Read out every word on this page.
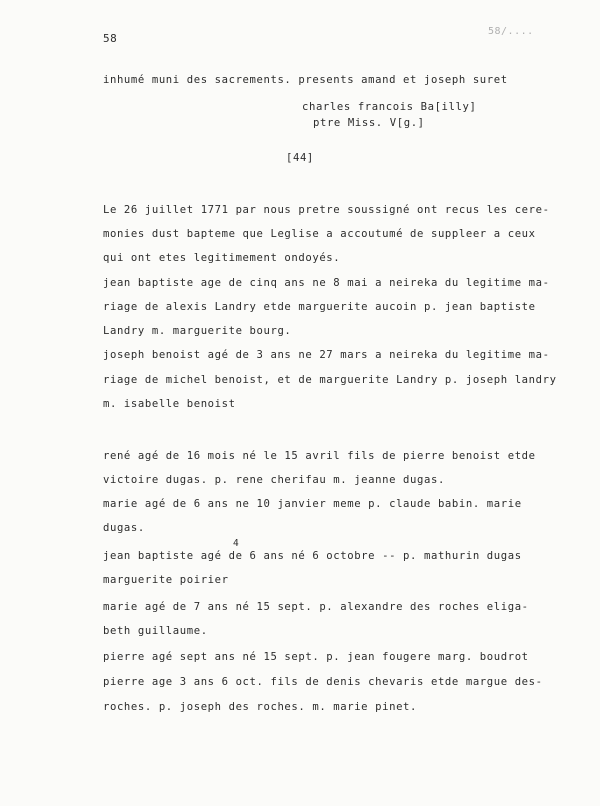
58
58/⁠....
inhumé muni des sacrements. presents amand et joseph suret
charles francois Ba[illy]
ptre Miss. V[g.]
[44]
Le 26 juillet 1771 par nous pretre soussigné ont recus les cere-
monies dust bapteme que Leglise a accoutumé de suppleer a ceux
qui ont etes legitimement ondoyés.
jean baptiste age de cinq ans ne 8 mai a neireka du legitime ma-
riage de alexis Landry etde marguerite aucoin p. jean baptiste
Landry m. marguerite bourg.
joseph benoist agé de 3 ans ne 27 mars a neireka du legitime ma-
riage de michel benoist, et de marguerite Landry p. joseph landry
m. isabelle benoist
rené agé de 16 mois né le 15 avril fils de pierre benoist etde
victoire dugas. p. rene cherifau m. jeanne dugas.
marie agé de 6 ans ne 10 janvier meme p. claude babin. marie
dugas.
4
jean baptiste agé de 6 ans né 6 octobre -- p. mathurin dugas
marguerite poirier
marie agé de 7 ans né 15 sept. p. alexandre des roches eliga-
beth guillaume.
pierre agé sept ans né 15 sept. p. jean fougere marg. boudrot
pierre age 3 ans 6 oct. fils de denis chevaris etde margue des-
roches. p. joseph des roches. m. marie pinet.
